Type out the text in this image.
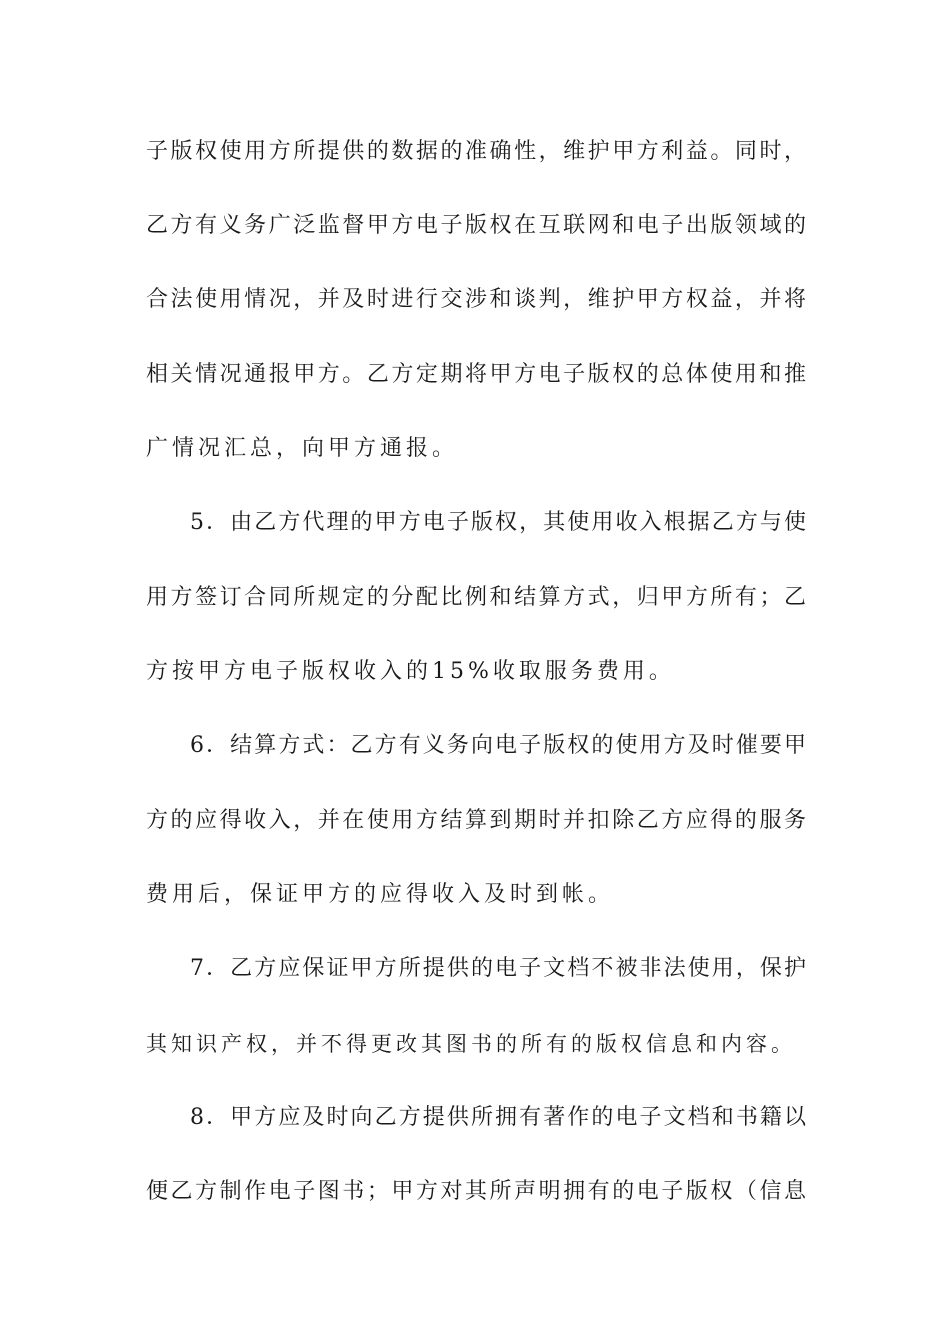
子版权使用方所提供的数据的准确性，维护甲方利益。同时，
乙方有义务广泛监督甲方电子版权在互联网和电子出版领域的
合法使用情况，并及时进行交涉和谈判，维护甲方权益，并将
相关情况通报甲方。乙方定期将甲方电子版权的总体使用和推
广情况汇总，向甲方通报。
5．由乙方代理的甲方电子版权，其使用收入根据乙方与使
用方签订合同所规定的分配比例和结算方式，归甲方所有；乙
方按甲方电子版权收入的15%收取服务费用。
6．结算方式：乙方有义务向电子版权的使用方及时催要甲
方的应得收入，并在使用方结算到期时并扣除乙方应得的服务
费用后，保证甲方的应得收入及时到帐。
7．乙方应保证甲方所提供的电子文档不被非法使用，保护
其知识产权，并不得更改其图书的所有的版权信息和内容。
8．甲方应及时向乙方提供所拥有著作的电子文档和书籍以
便乙方制作电子图书；甲方对其所声明拥有的电子版权（信息
